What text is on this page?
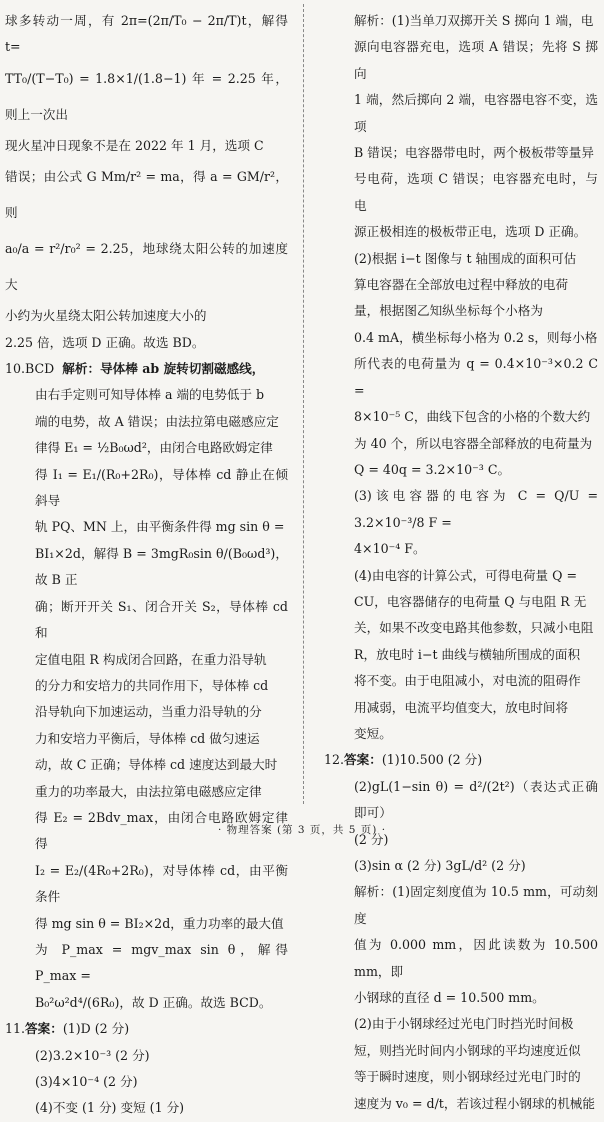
球多转动一周，有 2π=(2π/T₀ − 2π/T)t，解得 t=

TT₀/(T−T₀) = 1.8×1/(1.8−1) 年 = 2.25 年，则上一次出

现火星冲日现象不是在 2022 年 1 月，选项 C

错误；由公式 G Mm/r² = ma，得 a = GM/r²，则

a₀/a = r²/r₀² = 2.25，地球绕太阳公转的加速度大

小约为火星绕太阳公转加速度大小的

2.25 倍，选项 D 正确。故选 BD。

10.BCD 解析：导体棒 ab 旋转切割磁感线，

由右手定则可知导体棒 a 端的电势低于 b

端的电势，故 A 错误；由法拉第电磁感应定

律得 E₁ = ½B₀ωd²，由闭合电路欧姆定律

得 I₁ = E₁/(R₀+2R₀)，导体棒 cd 静止在倾斜导

轨 PQ、MN 上，由平衡条件得 mg sin θ =

BI₁×2d，解得 B = 3mgR₀sin θ/(B₀ωd³)，故 B 正

确；断开开关 S₁、闭合开关 S₂，导体棒 cd 和

定值电阻 R 构成闭合回路，在重力沿导轨

的分力和安培力的共同作用下，导体棒 cd

沿导轨向下加速运动，当重力沿导轨的分

力和安培力平衡后，导体棒 cd 做匀速运

动，故 C 正确；导体棒 cd 速度达到最大时

重力的功率最大，由法拉第电磁感应定律

得 E₂ = 2Bdv_max，由闭合电路欧姆定律得

I₂ = E₂/(4R₀+2R₀)，对导体棒 cd，由平衡条件

得 mg sin θ = BI₂×2d，重力功率的最大值

为 P_max = mgv_max sin θ，解得 P_max =

B₀²ω²d⁴/(6R₀)，故 D 正确。故选 BCD。

11.答案：(1)D (2 分)

(2)3.2×10⁻³ (2 分)

(3)4×10⁻⁴ (2 分)

(4)不变 (1 分) 变短 (1 分)

解析：(1)当单刀双掷开关 S 掷向 1 端，电

源向电容器充电，选项 A 错误；先将 S 掷向

1 端，然后掷向 2 端，电容器电容不变，选项

B 错误；电容器带电时，两个极板带等量异

号电荷，选项 C 错误；电容器充电时，与电

源正极相连的极板带正电，选项 D 正确。

(2)根据 i−t 图像与 t 轴围成的面积可估

算电容器在全部放电过程中释放的电荷

量，根据图乙知纵坐标每个小格为

0.4 mA，横坐标每小格为 0.2 s，则每小格

所代表的电荷量为 q = 0.4×10⁻³×0.2 C =

8×10⁻⁵ C，曲线下包含的小格的个数大约

为 40 个，所以电容器全部释放的电荷量为

Q = 40q = 3.2×10⁻³ C。

(3)该电容器的电容为 C = Q/U = 3.2×10⁻³/8 F =

4×10⁻⁴ F。

(4)由电容的计算公式，可得电荷量 Q =

CU，电容器储存的电荷量 Q 与电阻 R 无

关，如果不改变电路其他参数，只减小电阻

R，放电时 i−t 曲线与横轴所围成的面积

将不变。由于电阻减小，对电流的阻碍作

用减弱，电流平均值变大，放电时间将

变短。

12.答案：(1)10.500 (2 分)

(2)gL(1−sin θ) = d²/(2t²)（表达式正确即可）

(2 分)

(3)sin α (2 分) 3gL/d² (2 分)

解析：(1)固定刻度值为 10.5 mm，可动刻度

值为 0.000 mm，因此读数为 10.500 mm，即

小钢球的直径 d = 10.500 mm。

(2)由于小钢球经过光电门时挡光时间极

短，则挡光时间内小钢球的平均速度近似

等于瞬时速度，则小钢球经过光电门时的

速度为 v₀ = d/t，若该过程小钢球的机械能

· 物理答案 (第 3 页，共 5 页) ·
